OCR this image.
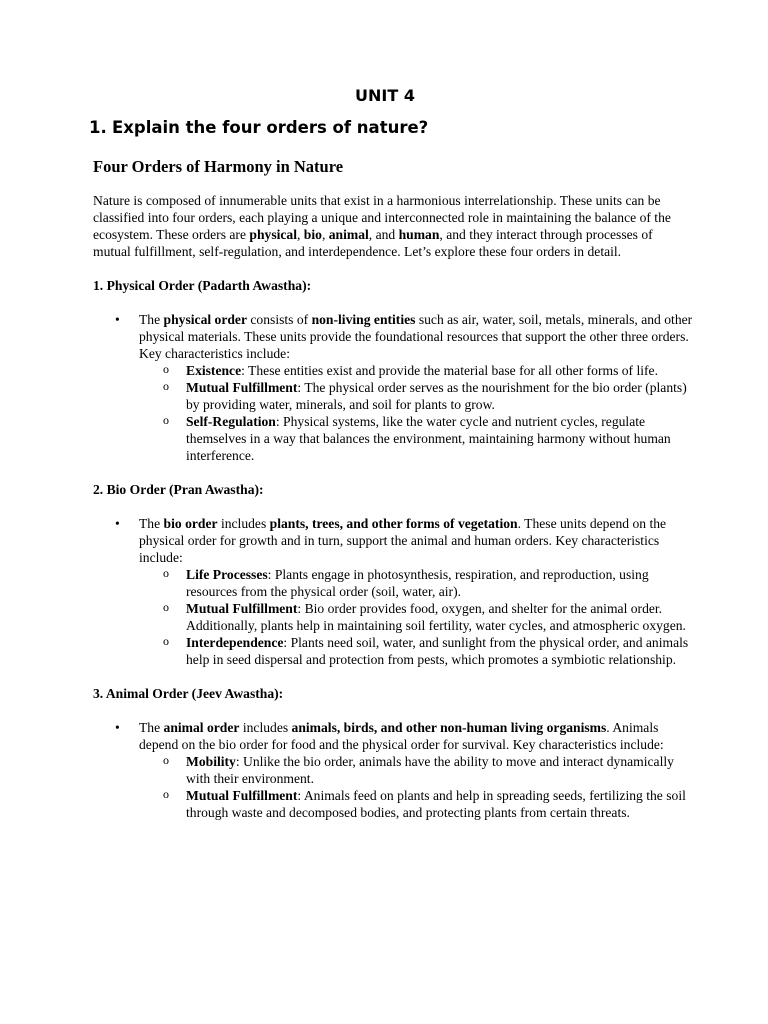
UNIT 4
1. Explain the four orders of nature?
Four Orders of Harmony in Nature

Nature is composed of innumerable units that exist in a harmonious interrelationship. These units can be classified into four orders, each playing a unique and interconnected role in maintaining the balance of the ecosystem. These orders are physical, bio, animal, and human, and they interact through processes of mutual fulfillment, self-regulation, and interdependence. Let’s explore these four orders in detail.

1. Physical Order (Padarth Awastha):

•	The physical order consists of non-living entities such as air, water, soil, metals, minerals, and other physical materials. These units provide the foundational resources that support the other three orders. Key characteristics include:
o Existence: These entities exist and provide the material base for all other forms of life.
o Mutual Fulfillment: The physical order serves as the nourishment for the bio order (plants) by providing water, minerals, and soil for plants to grow.
o Self-Regulation: Physical systems, like the water cycle and nutrient cycles, regulate themselves in a way that balances the environment, maintaining harmony without human interference.

2. Bio Order (Pran Awastha):

•	The bio order includes plants, trees, and other forms of vegetation. These units depend on the physical order for growth and in turn, support the animal and human orders. Key characteristics include:
o Life Processes: Plants engage in photosynthesis, respiration, and reproduction, using resources from the physical order (soil, water, air).
o Mutual Fulfillment: Bio order provides food, oxygen, and shelter for the animal order. Additionally, plants help in maintaining soil fertility, water cycles, and atmospheric oxygen.
o Interdependence: Plants need soil, water, and sunlight from the physical order, and animals help in seed dispersal and protection from pests, which promotes a symbiotic relationship.

3. Animal Order (Jeev Awastha):

•	The animal order includes animals, birds, and other non-human living organisms. Animals depend on the bio order for food and the physical order for survival. Key characteristics include:
o Mobility: Unlike the bio order, animals have the ability to move and interact dynamically with their environment.
o Mutual Fulfillment: Animals feed on plants and help in spreading seeds, fertilizing the soil through waste and decomposed bodies, and protecting plants from certain threats.
